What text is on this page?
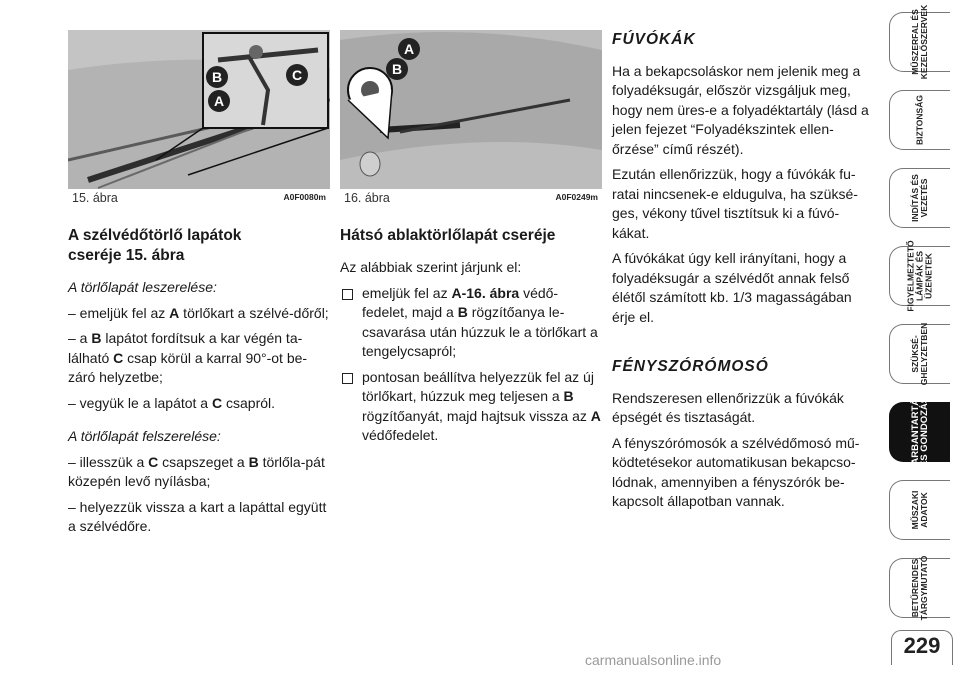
B	C
A
15. ábra	A0F0080m
A
B
16. ábra	A0F0249m
A szélvédőtörlő lapátok
cseréje 15. ábra

A törlőlapát leszerelése:

– emeljük fel az A törlőkart a szélvé-dőről;

– a B lapátot fordítsuk a kar végén ta-lálható C csap körül a karral 90°-ot be-záró helyzetbe;

– vegyük le a lapátot a C csapról.

A törlőlapát felszerelése:

– illesszük a C csapszeget a B törlőla-pát közepén levő nyílásba;

– helyezzük vissza a kart a lapáttal együtt a szélvédőre.

Hátsó ablaktörlőlapát cseréje

Az alábbiak szerint járjunk el:

emeljük fel az A-16. ábra védő-fedelet, majd a B rögzítőanya le-csavarása után húzzuk le a törlőkart a tengelycsapról;
pontosan beállítva helyezzük fel az új törlőkart, húzzuk meg teljesen a B rögzítőanyát, majd hajtsuk vissza az A védőfedelet.
FÚVÓKÁK

Ha a bekapcsoláskor nem jelenik meg a folyadéksugár, először vizsgáljuk meg, hogy nem üres-e a folyadéktartály (lásd a jelen fejezet “Folyadékszintek ellen-őrzése” című részét).

Ezután ellenőrizzük, hogy a fúvókák fu-ratai nincsenek-e eldugulva, ha szüksé-ges, vékony tűvel tisztítsuk ki a fúvó-kákat.

A fúvókákat úgy kell irányítani, hogy a folyadéksugár a szélvédőt annak felső élétől számított kb. 1/3 magasságában érje el.

FÉNYSZÓRÓMOSÓ

Rendszeresen ellenőrizzük a fúvókák épségét és tisztaságát.

A fényszórómosók a szélvédőmosó mű-ködtetésekor automatikusan bekapcso-lódnak, amennyiben a fényszórók be-kapcsolt állapotban vannak.

MŰSZERFAL ÉS
KEZELŐSZERVEK
BIZTONSÁG
INDÍTÁS ÉS
VEZETÉS
FIGYELMEZTETŐ
LÁMPÁK ÉS
ÜZENETEK
SZÜKSÉ-
GHELYZETBEN
KARBANTARTÁS
ÉS GONDOZÁS
MŰSZAKI
ADATOK
BETŰRENDES
TÁRGYMUTATÓ
229
carmanualsonline.info
